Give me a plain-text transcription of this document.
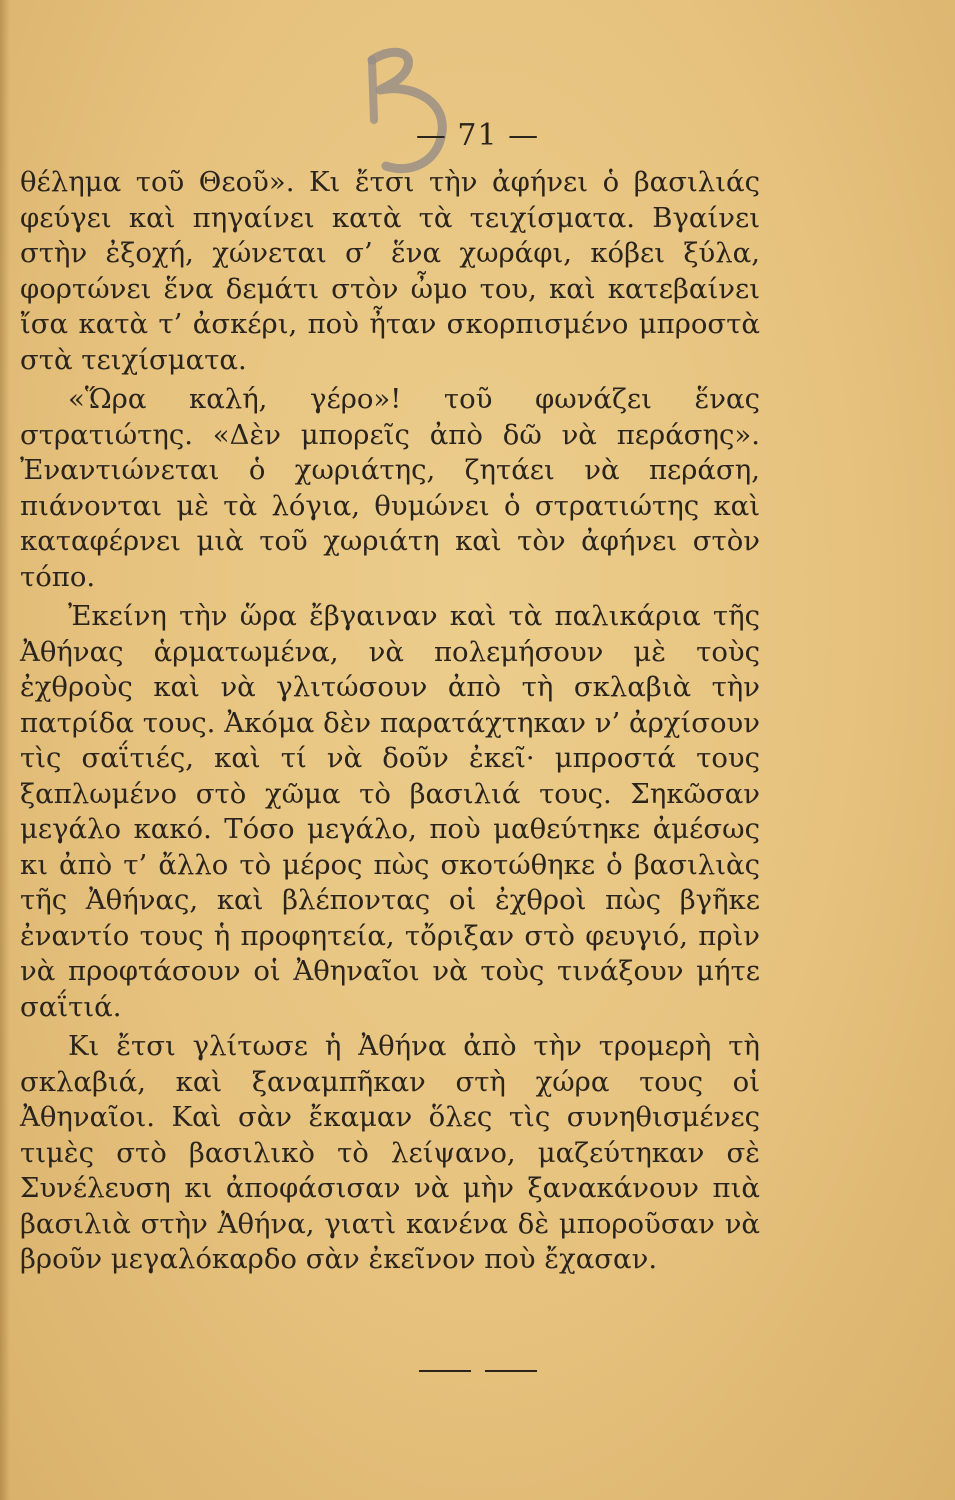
— 71 —

θέλημα τοῦ Θεοῦ». Κι ἔτσι τὴν ἀφήνει ὁ βασιλιάς φεύγει καὶ πηγαίνει κατὰ τὰ τειχίσματα. Βγαίνει στὴν ἐξοχή, χώνεται σ’ ἕνα χωράφι, κόβει ξύλα, φορτώνει ἕνα δεμάτι στὸν ὦμο του, καὶ κατεβαίνει ἴσα κατὰ τ’ ἀσκέρι, ποὺ ἦταν σκορπισμένο μπροστὰ στὰ τειχίσματα.

«Ὥρα καλή, γέρο»! τοῦ φωνάζει ἕνας στρατιώτης. «Δὲν μπορεῖς ἀπὸ δῶ νὰ περάσης». Ἐναντιώνεται ὁ χωριάτης, ζητάει νὰ περάση, πιάνονται μὲ τὰ λόγια, θυμώνει ὁ στρατιώτης καὶ καταφέρνει μιὰ τοῦ χωριάτη καὶ τὸν ἀφήνει στὸν τόπο.

Ἐκείνη τὴν ὥρα ἔβγαιναν καὶ τὰ παλικάρια τῆς Ἀθήνας ἁρματωμένα, νὰ πολεμήσουν μὲ τοὺς ἐχθροὺς καὶ νὰ γλιτώσουν ἀπὸ τὴ σκλαβιὰ τὴν πατρίδα τους. Ἀκόμα δὲν παρατάχτηκαν ν’ ἀρχίσουν τὶς σαΐτιές, καὶ τί νὰ δοῦν ἐκεῖ· μπροστά τους ξαπλωμένο στὸ χῶμα τὸ βασιλιά τους. Σηκῶσαν μεγάλο κακό. Τόσο μεγάλο, ποὺ μαθεύτηκε ἀμέσως κι ἀπὸ τ’ ἄλλο τὸ μέρος πὼς σκοτώθηκε ὁ βασιλιὰς τῆς Ἀθήνας, καὶ βλέποντας οἱ ἐχθροὶ πὼς βγῆκε ἐναντίο τους ἡ προφητεία, τὄριξαν στὸ φευγιό, πρὶν νὰ προφτάσουν οἱ Ἀθηναῖοι νὰ τοὺς τινάξουν μήτε σαΐτιά.

Κι ἔτσι γλίτωσε ἡ Ἀθήνα ἀπὸ τὴν τρομερὴ τὴ σκλαβιά, καὶ ξαναμπῆκαν στὴ χώρα τους οἱ Ἀθηναῖοι. Καὶ σὰν ἔκαμαν ὅλες τὶς συνηθισμένες τιμὲς στὸ βασιλικὸ τὸ λείψανο, μαζεύτηκαν σὲ Συνέλευση κι ἀποφάσισαν νὰ μὴν ξανακάνουν πιὰ βασιλιὰ στὴν Ἀθήνα, γιατὶ κανένα δὲ μποροῦσαν νὰ βροῦν μεγαλόκαρδο σὰν ἐκεῖνον ποὺ ἔχασαν.
